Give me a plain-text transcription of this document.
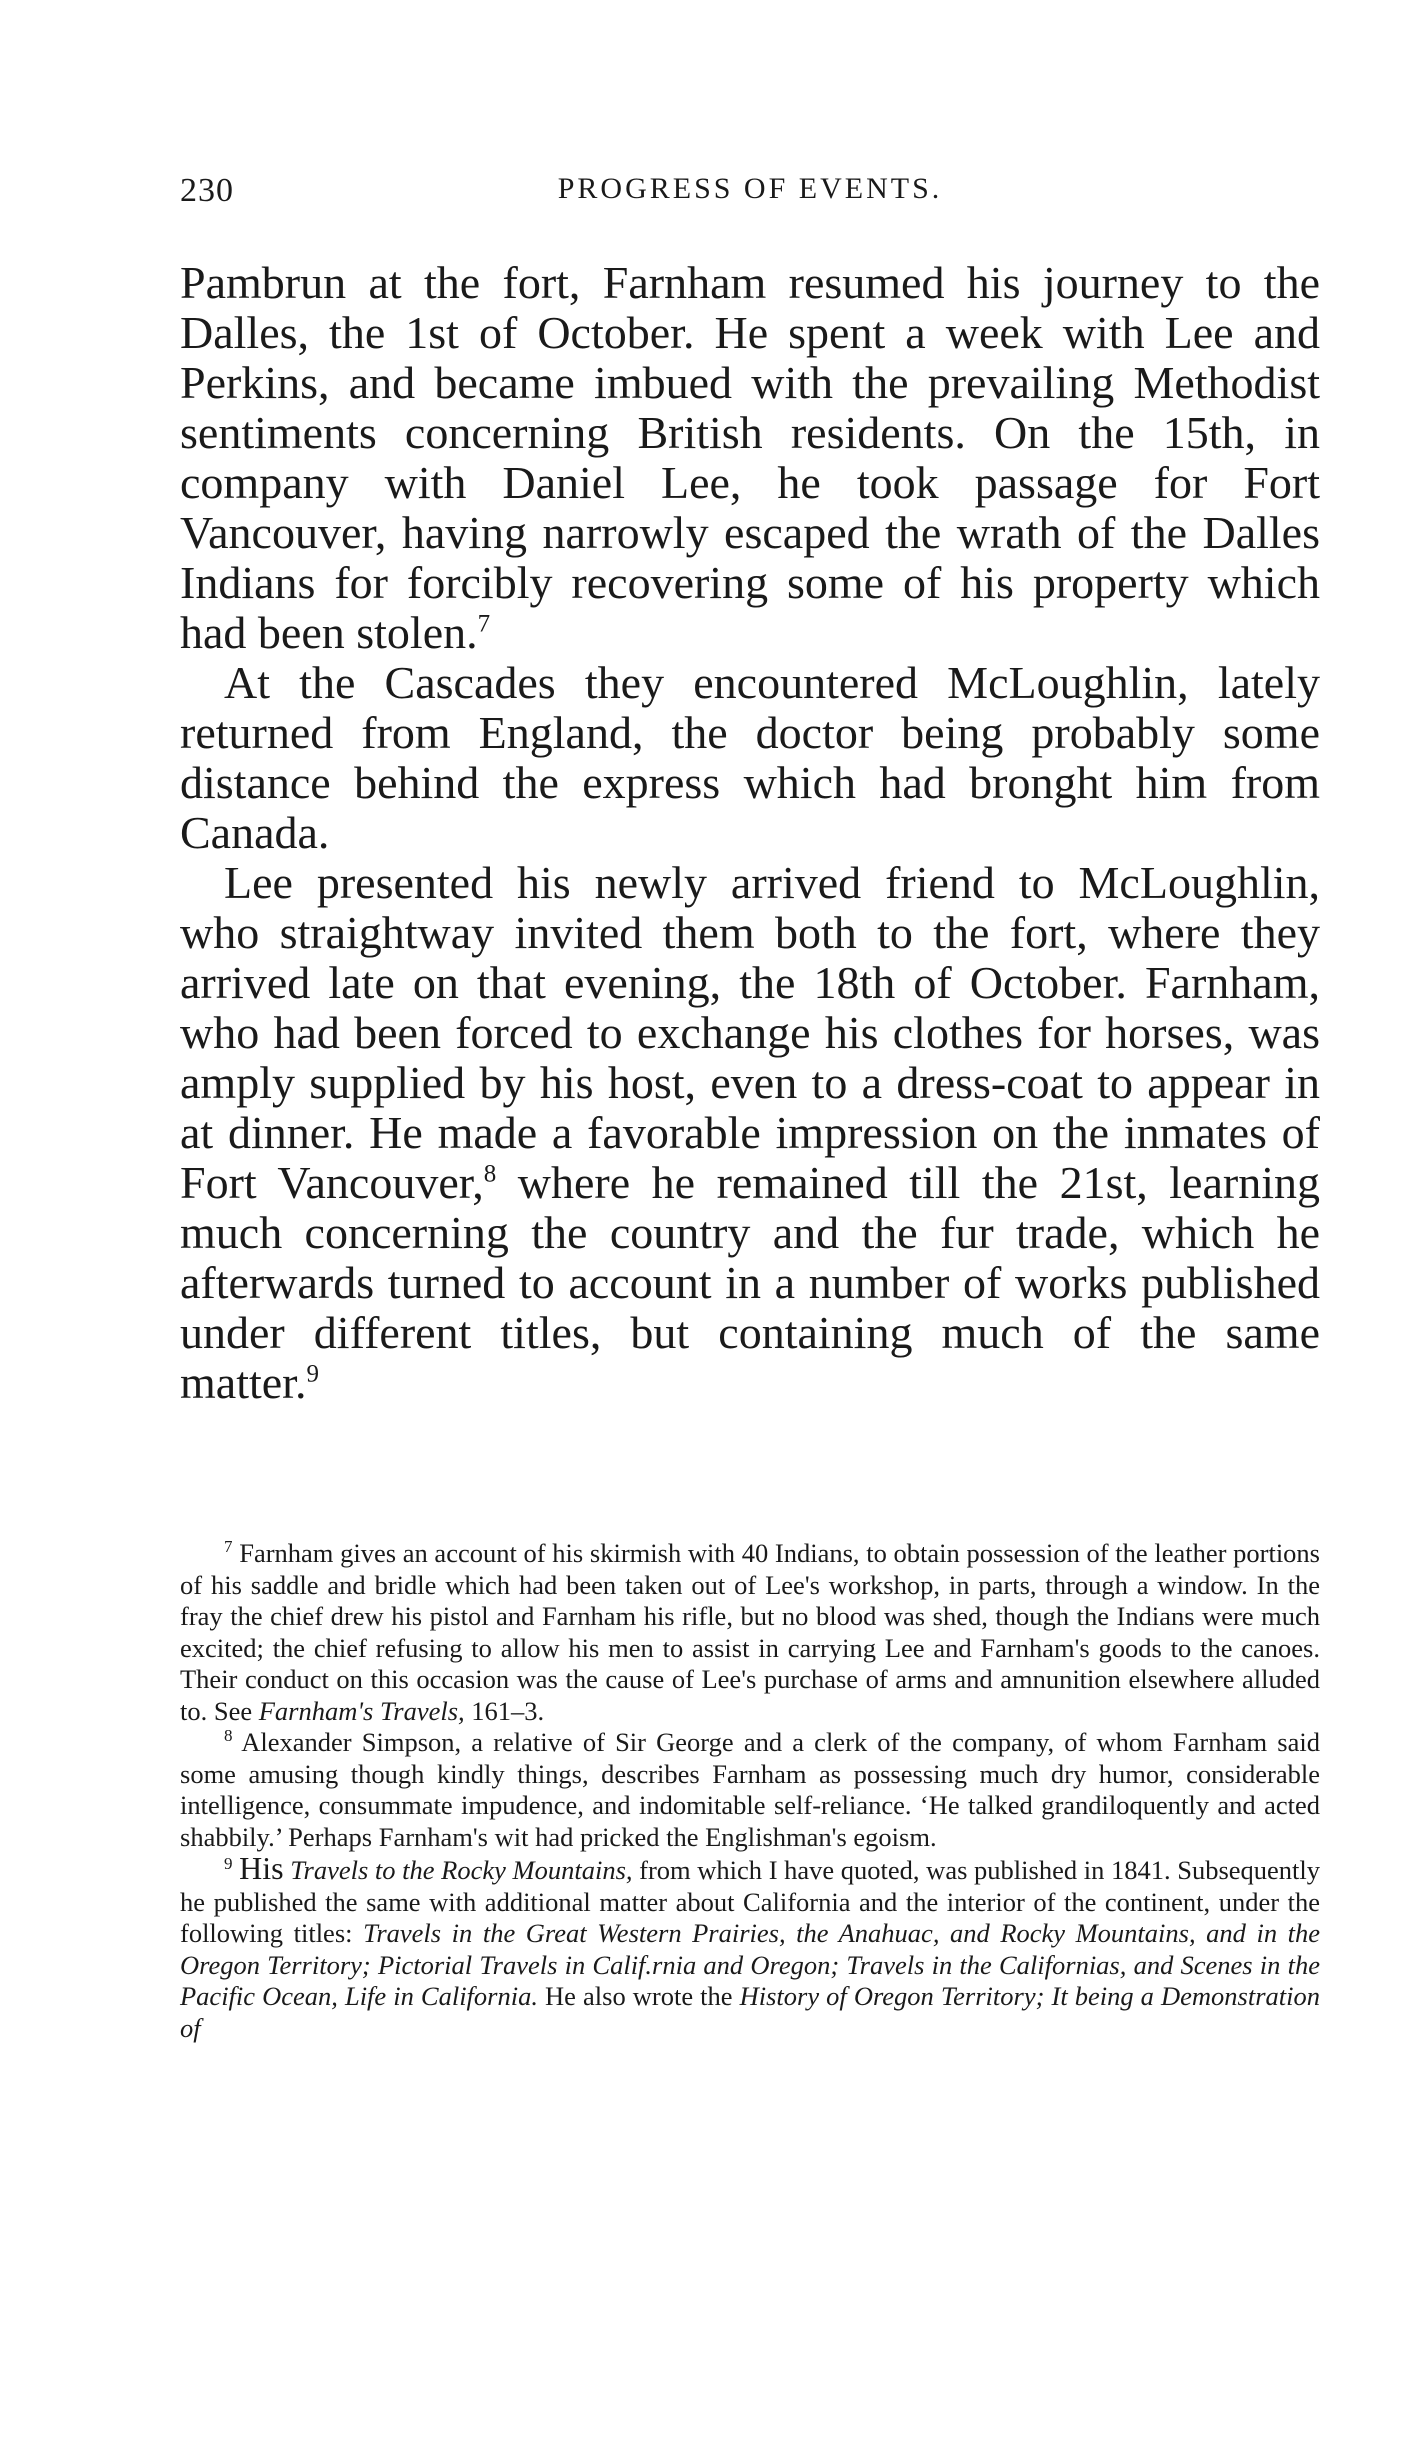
230	PROGRESS OF EVENTS.

Pambrun at the fort, Farnham resumed his journey to the Dalles, the 1st of October. He spent a week with Lee and Perkins, and became imbued with the prevailing Methodist sentiments concerning British residents. On the 15th, in company with Daniel Lee, he took passage for Fort Vancouver, having narrowly escaped the wrath of the Dalles Indians for forcibly recovering some of his property which had been stolen.$^7$

At the Cascades they encountered McLoughlin, lately returned from England, the doctor being probably some distance behind the express which had bronght him from Canada.

Lee presented his newly arrived friend to McLoughlin, who straightway invited them both to the fort, where they arrived late on that evening, the 18th of October. Farnham, who had been forced to exchange his clothes for horses, was amply supplied by his host, even to a dress-coat to appear in at dinner. He made a favorable impression on the inmates of Fort Vancouver,$^8$ where he remained till the 21st, learning much concerning the country and the fur trade, which he afterwards turned to account in a number of works published under different titles, but containing much of the same matter.$^9$

$^7$ Farnham gives an account of his skirmish with 40 Indians, to obtain possession of the leather portions of his saddle and bridle which had been taken out of Lee's workshop, in parts, through a window. In the fray the chief drew his pistol and Farnham his rifle, but no blood was shed, though the Indians were much excited; the chief refusing to allow his men to assist in carrying Lee and Farnham's goods to the canoes. Their conduct on this occasion was the cause of Lee's purchase of arms and amnunition elsewhere alluded to. See Farnham's Travels, 161–3.

$^8$ Alexander Simpson, a relative of Sir George and a clerk of the company, of whom Farnham said some amusing though kindly things, describes Farnham as possessing much dry humor, considerable intelligence, consummate impudence, and indomitable self-reliance. ‘He talked grandiloquently and acted shabbily.’ Perhaps Farnham's wit had pricked the Englishman's egoism.

$^9$ His Travels to the Rocky Mountains, from which I have quoted, was published in 1841. Subsequently he published the same with additional matter about California and the interior of the continent, under the following titles: Travels in the Great Western Prairies, the Anahuac, and Rocky Mountains, and in the Oregon Territory; Pictorial Travels in Calif.rnia and Oregon; Travels in the Californias, and Scenes in the Pacific Ocean, Life in California. He also wrote the History of Oregon Territory; It being a Demonstration of
